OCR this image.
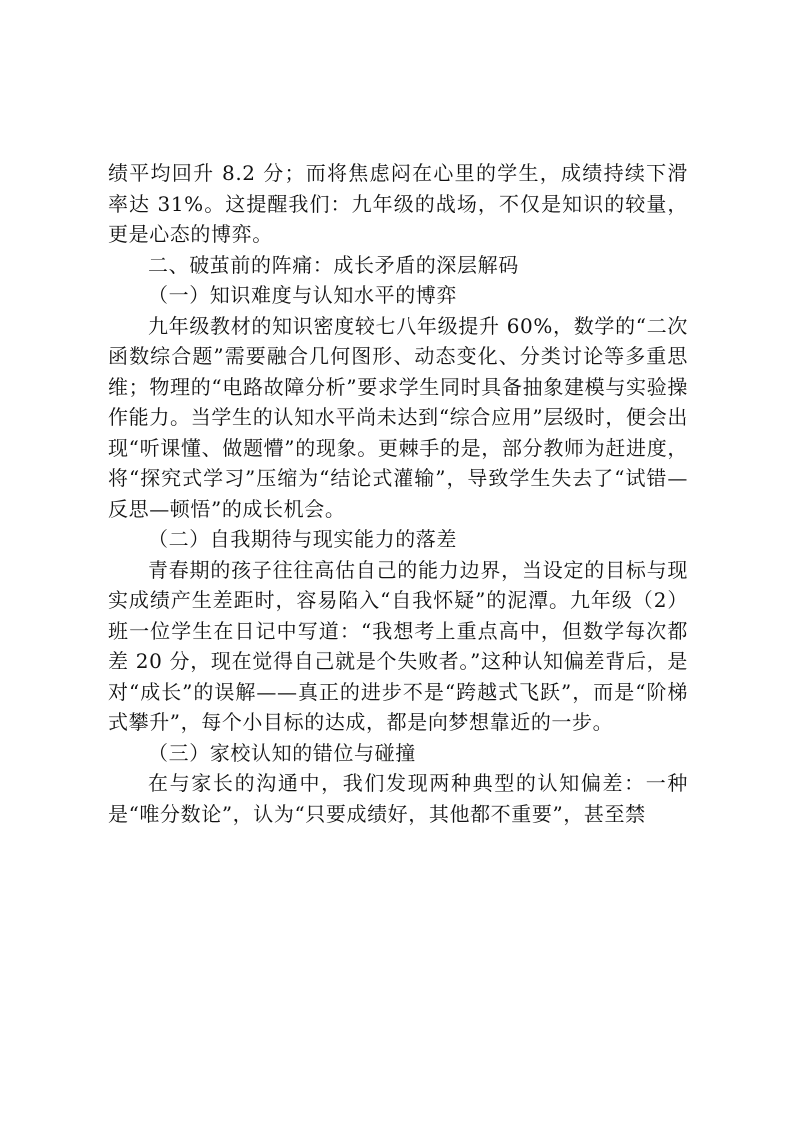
绩平均回升 8.2 分；而将焦虑闷在心里的学生，成绩持续下滑率达 31%。这提醒我们：九年级的战场，不仅是知识的较量，更是心态的博弈。

二、破茧前的阵痛：成长矛盾的深层解码

（一）知识难度与认知水平的博弈

九年级教材的知识密度较七八年级提升 60%，数学的“二次函数综合题”需要融合几何图形、动态变化、分类讨论等多重思维；物理的“电路故障分析”要求学生同时具备抽象建模与实验操作能力。当学生的认知水平尚未达到“综合应用”层级时，便会出现“听课懂、做题懵”的现象。更棘手的是，部分教师为赶进度，将“探究式学习”压缩为“结论式灌输”，导致学生失去了“试错—反思—顿悟”的成长机会。

（二）自我期待与现实能力的落差

青春期的孩子往往高估自己的能力边界，当设定的目标与现实成绩产生差距时，容易陷入“自我怀疑”的泥潭。九年级（2）班一位学生在日记中写道：“我想考上重点高中，但数学每次都差 20 分，现在觉得自己就是个失败者。”这种认知偏差背后，是对“成长”的误解——真正的进步不是“跨越式飞跃”，而是“阶梯式攀升”，每个小目标的达成，都是向梦想靠近的一步。

（三）家校认知的错位与碰撞

在与家长的沟通中，我们发现两种典型的认知偏差：一种是“唯分数论”，认为“只要成绩好，其他都不重要”，甚至禁
